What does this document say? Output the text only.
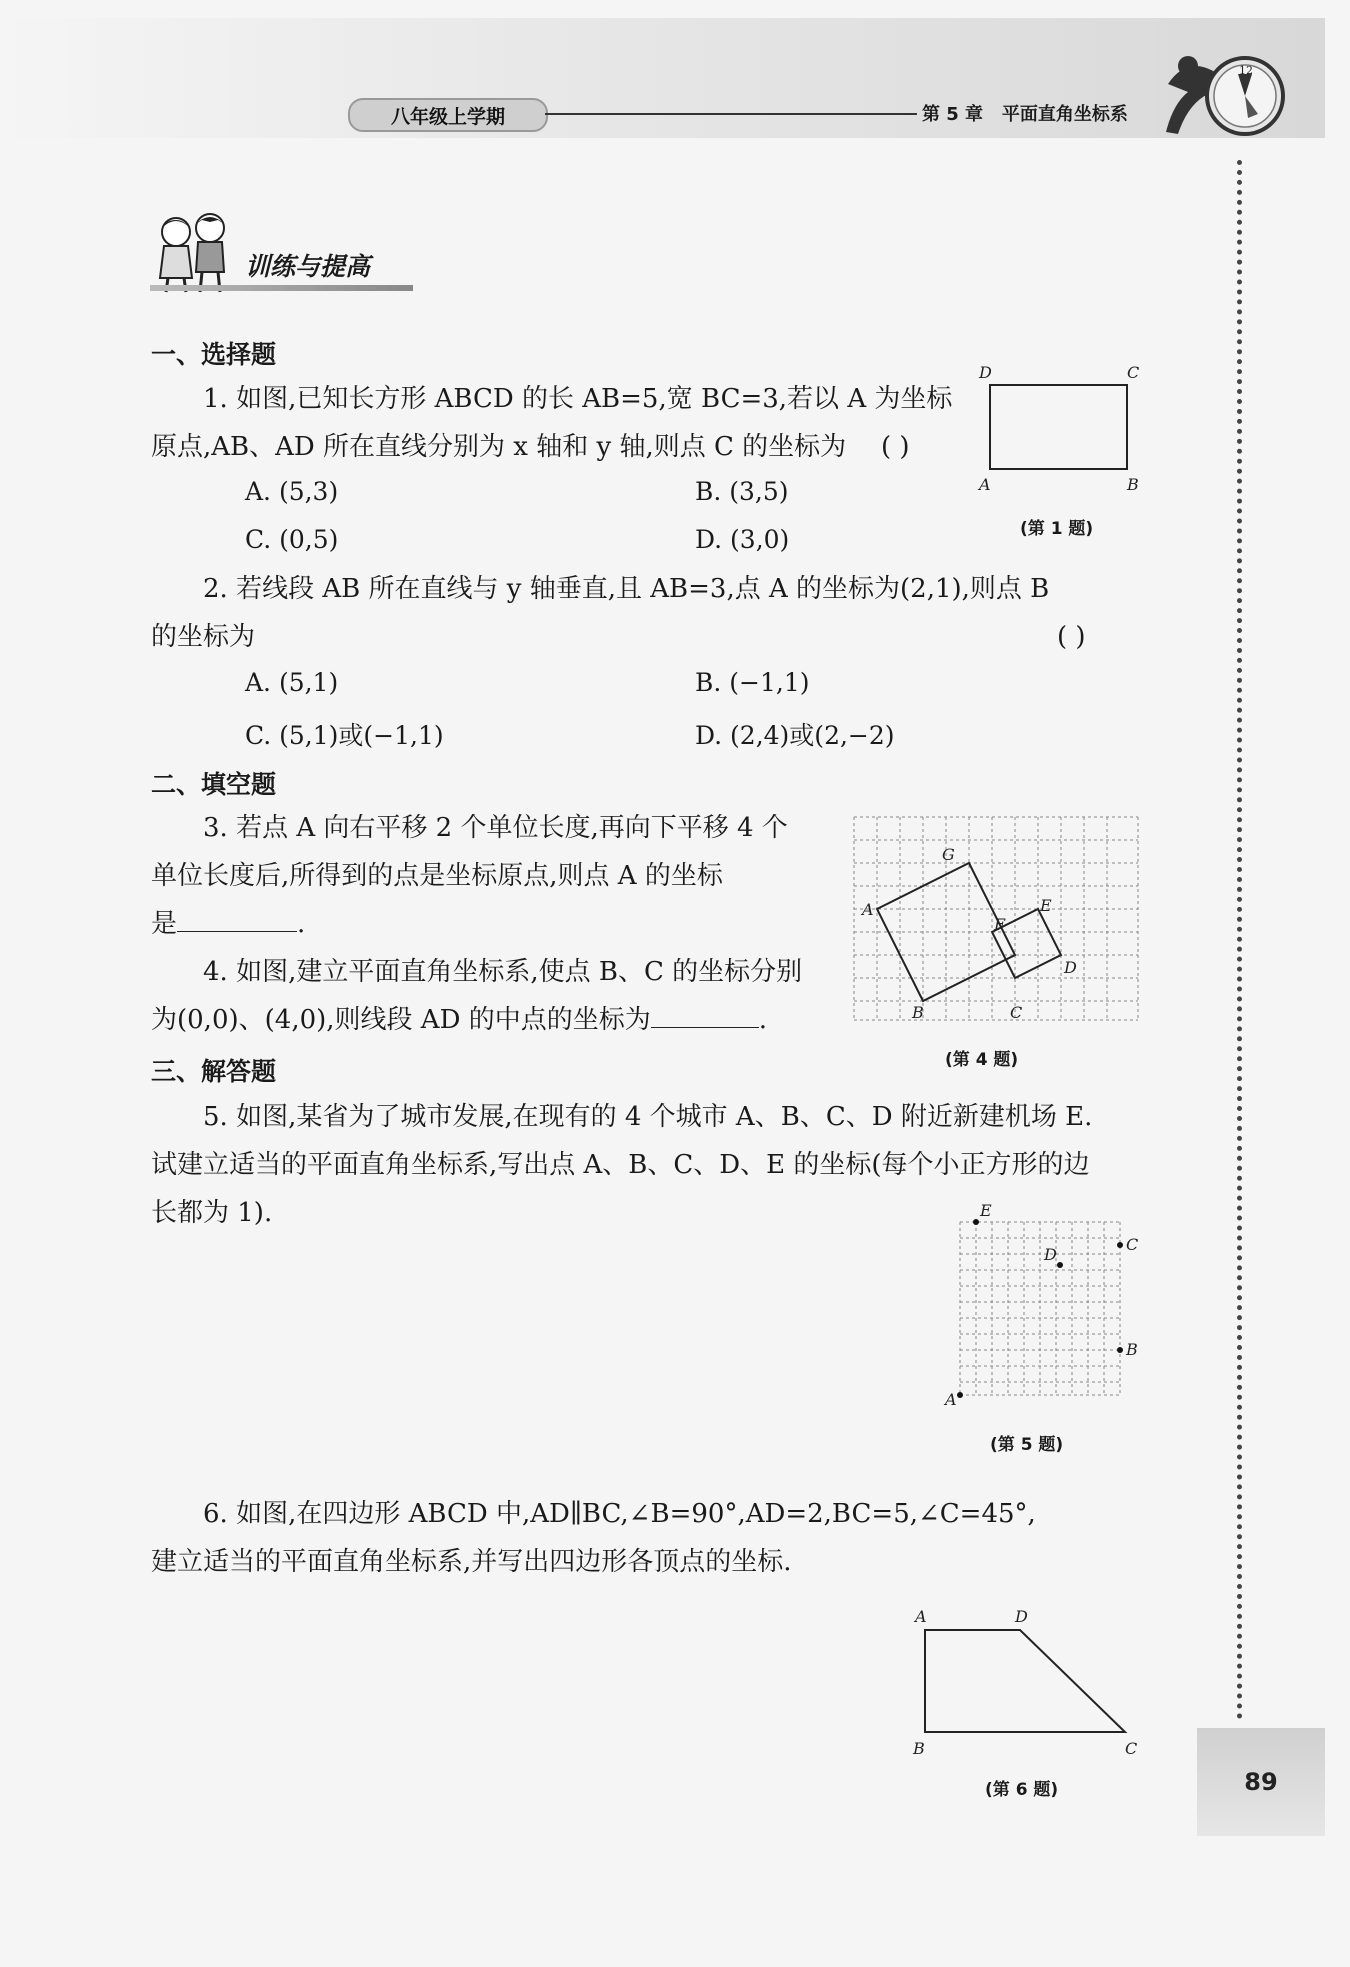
八年级上学期	第 5 章 平面直角坐标系
12
89
训练与提高
一、选择题
1. 如图,已知长方形 ABCD 的长 AB=5,宽 BC=3,若以 A 为坐标
原点,AB、AD 所在直线分别为 x 轴和 y 轴,则点 C 的坐标为 ( )
A. (5,3)	B. (3,5)
C. (0,5)	D. (3,0)
D	C
A	B
(第 1 题)
2. 若线段 AB 所在直线与 y 轴垂直,且 AB=3,点 A 的坐标为(2,1),则点 B
的坐标为	( )
A. (5,1)	B. (−1,1)
C. (5,1)或(−1,1)	D. (2,4)或(2,−2)
二、填空题
3. 若点 A 向右平移 2 个单位长度,再向下平移 4 个
单位长度后,所得到的点是坐标原点,则点 A 的坐标
是	.
4. 如图,建立平面直角坐标系,使点 B、C 的坐标分别
为(0,0)、(4,0),则线段 AD 的中点的坐标为	.
G
A	E
F
D
B	C
(第 4 题)
三、解答题
5. 如图,某省为了城市发展,在现有的 4 个城市 A、B、C、D 附近新建机场 E.
试建立适当的平面直角坐标系,写出点 A、B、C、D、E 的坐标(每个小正方形的边
长都为 1).	E
C
D
B
A
(第 5 题)
6. 如图,在四边形 ABCD 中,AD∥BC,∠B=90°,AD=2,BC=5,∠C=45°,
建立适当的平面直角坐标系,并写出四边形各顶点的坐标.
A	D
B	C
(第 6 题)
